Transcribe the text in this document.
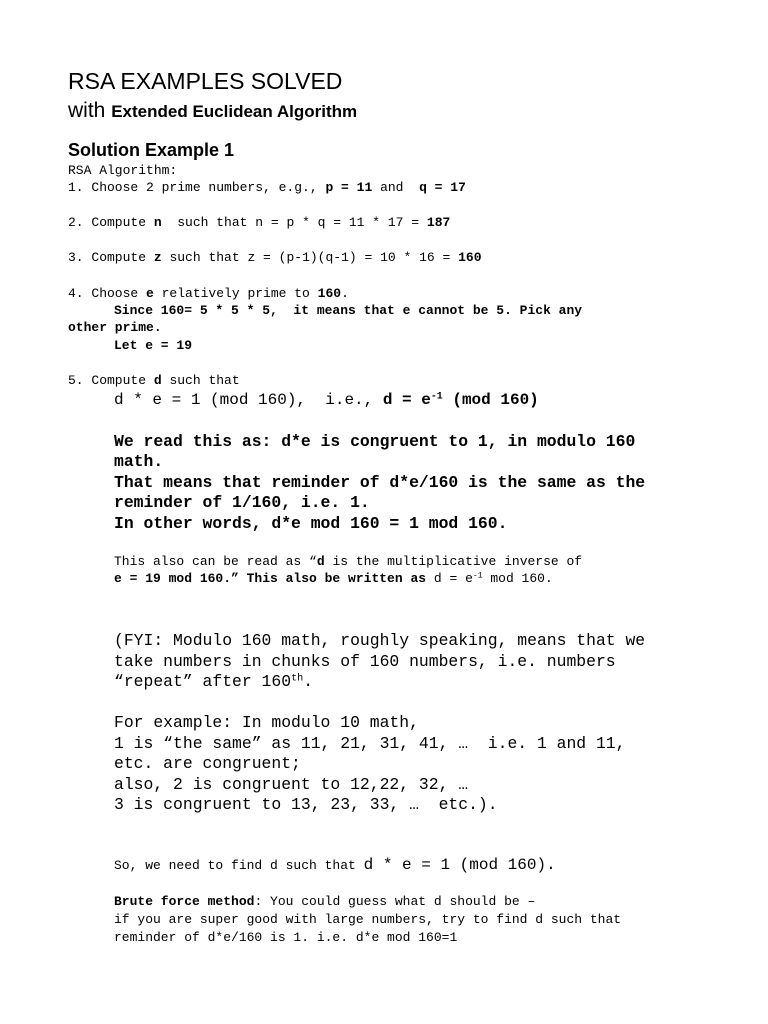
RSA EXAMPLES SOLVED
with Extended Euclidean Algorithm
Solution Example 1
RSA Algorithm:
1. Choose 2 prime numbers, e.g., p = 11 and  q = 17
2. Compute n  such that n = p * q = 11 * 17 = 187
3. Compute z such that z = (p-1)(q-1) = 10 * 16 = 160
4. Choose e relatively prime to 160.
Since 160= 5 * 5 * 5,  it means that e cannot be 5. Pick any
other prime.
Let e = 19
5. Compute d such that
d * e = 1 (mod 160),  i.e., $d = e^{-1}$ (mod 160)
We read this as: d*e is congruent to 1, in modulo 160
math.
That means that reminder of d*e/160 is the same as the
reminder of 1/160, i.e. 1.
In other words, d*e mod 160 = 1 mod 160.
This also can be read as “d is the multiplicative inverse of
e = 19 mod 160.” This also be written as $d = e^{-1}$ mod 160.
(FYI: Modulo 160 math, roughly speaking, means that we
take numbers in chunks of 160 numbers, i.e. numbers
“repeat” after 160th.
For example: In modulo 10 math,
1 is “the same” as 11, 21, 31, 41, …  i.e. 1 and 11,
etc. are congruent;
also, 2 is congruent to 12,22, 32, …
3 is congruent to 13, 23, 33, …  etc.).
So, we need to find d such that d * e = 1 (mod 160).
Brute force method: You could guess what d should be –
if you are super good with large numbers, try to find d such that
reminder of d*e/160 is 1. i.e. d*e mod 160=1
